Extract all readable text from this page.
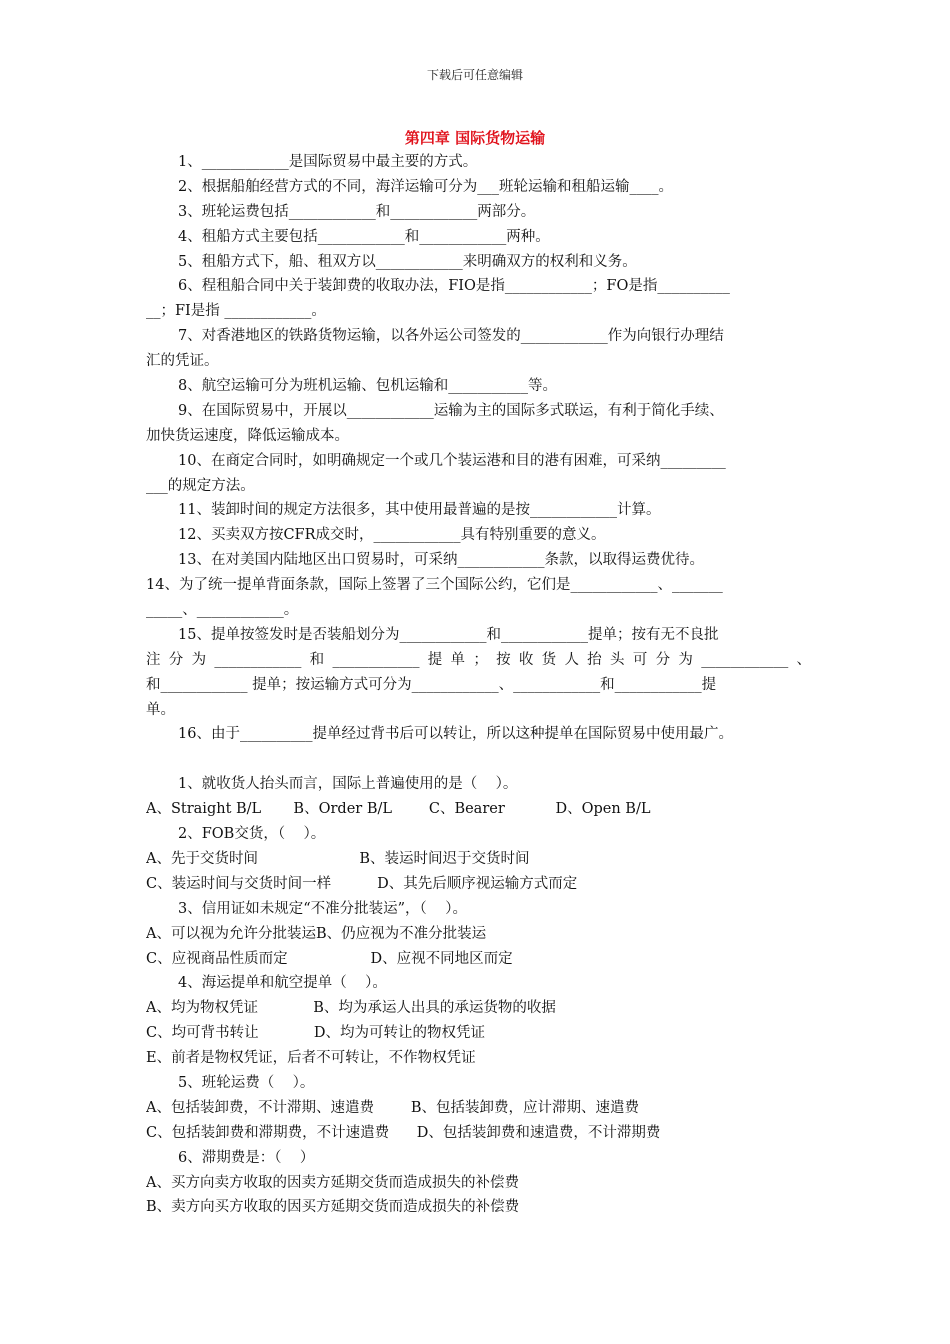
下载后可任意编辑
第四章 国际货物运输
1、____________是国际贸易中最主要的方式。
2、根据船舶经营方式的不同，海洋运输可分为___班轮运输和租船运输____。
3、班轮运费包括____________和____________两部分。
4、租船方式主要包括____________和____________两种。
5、租船方式下，船、租双方以____________来明确双方的权利和义务。
6、程租船合同中关于装卸费的收取办法，FIO是指____________；FO是指__________
__；FI是指 ____________。
7、对香港地区的铁路货物运输，以各外运公司签发的____________作为向银行办理结
汇的凭证。
8、航空运输可分为班机运输、包机运输和___________等。
9、在国际贸易中，开展以____________运输为主的国际多式联运，有利于简化手续、
加快货运速度，降低运输成本。
10、在商定合同时，如明确规定一个或几个装运港和目的港有困难，可采纳_________
___的规定方法。
11、装卸时间的规定方法很多，其中使用最普遍的是按____________计算。
12、买卖双方按CFR成交时，____________具有特别重要的意义。
13、在对美国内陆地区出口贸易时，可采纳____________条款，以取得运费优待。
14、为了统一提单背面条款，国际上签署了三个国际公约，它们是____________、_______
_____、____________。
15、提单按签发时是否装船划分为____________和____________提单；按有无不良批
注分为____________和____________提单；按收货人抬头可分为____________、
和____________ 提单；按运输方式可分为____________、____________和____________提
单。
16、由于__________提单经过背书后可以转让，所以这种提单在国际贸易中使用最广。
1、就收货人抬头而言，国际上普遍使用的是（    ）。
A、Straight B/L       B、Order B/L        C、Bearer           D、Open B/L
2、FOB交货，（    ）。
A、先于交货时间                      B、装运时间迟于交货时间
C、装运时间与交货时间一样          D、其先后顺序视运输方式而定
3、信用证如未规定“不准分批装运”，（    ）。
A、可以视为允许分批装运B、仍应视为不准分批装运
C、应视商品性质而定                  D、应视不同地区而定
4、海运提单和航空提单（    ）。
A、均为物权凭证            B、均为承运人出具的承运货物的收据
C、均可背书转让            D、均为可转让的物权凭证
E、前者是物权凭证，后者不可转让，不作物权凭证
5、班轮运费（    ）。
A、包括装卸费，不计滞期、速遣费        B、包括装卸费，应计滞期、速遣费
C、包括装卸费和滞期费，不计速遣费      D、包括装卸费和速遣费，不计滞期费
6、滞期费是：（    ）
A、买方向卖方收取的因卖方延期交货而造成损失的补偿费
B、卖方向买方收取的因买方延期交货而造成损失的补偿费
